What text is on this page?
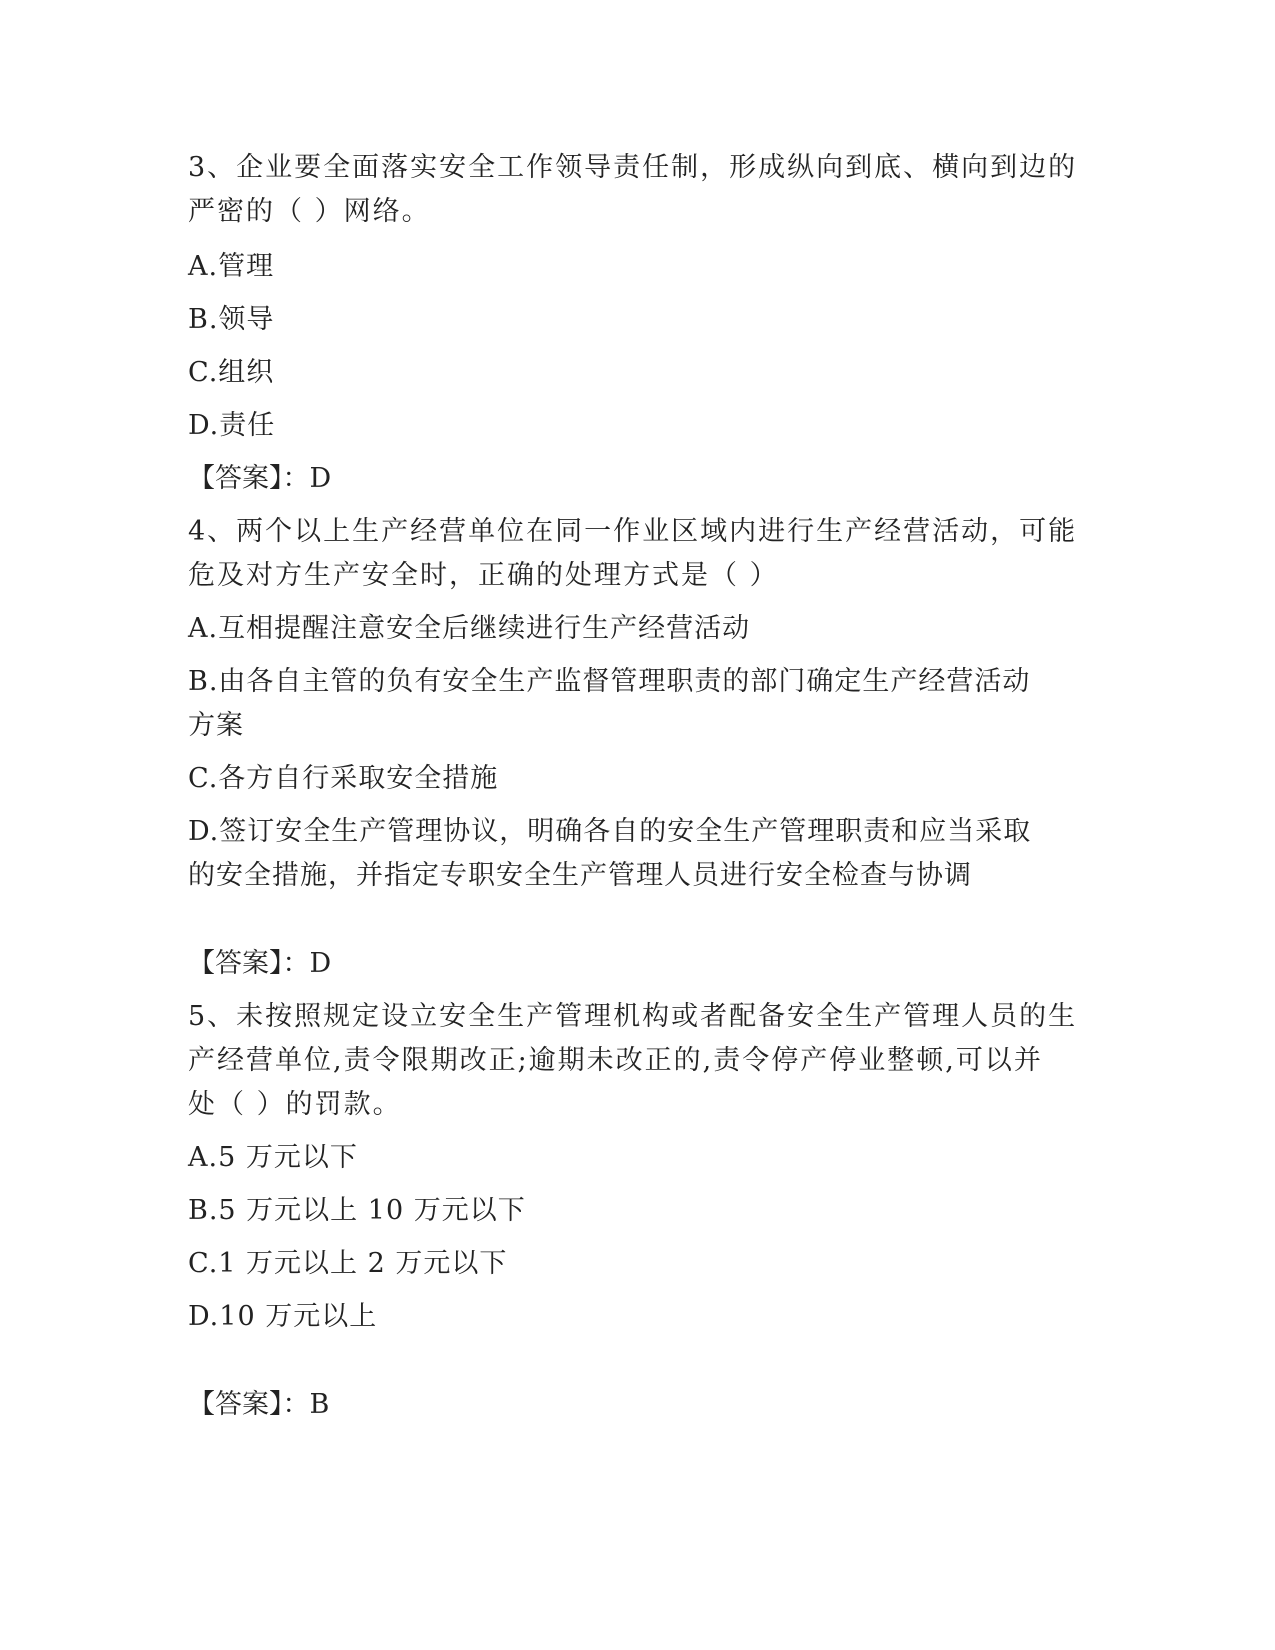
3、企业要全面落实安全工作领导责任制，形成纵向到底、横向到边的
严密的（ ）网络。
A.管理
B.领导
C.组织
D.责任
【答案】：D
4、两个以上生产经营单位在同一作业区域内进行生产经营活动，可能
危及对方生产安全时，正确的处理方式是（ ）
A.互相提醒注意安全后继续进行生产经营活动
B.由各自主管的负有安全生产监督管理职责的部门确定生产经营活动
方案
C.各方自行采取安全措施
D.签订安全生产管理协议，明确各自的安全生产管理职责和应当采取
的安全措施，并指定专职安全生产管理人员进行安全检查与协调
【答案】：D
5、未按照规定设立安全生产管理机构或者配备安全生产管理人员的生
产经营单位,责令限期改正;逾期未改正的,责令停产停业整顿,可以并
处（ ）的罚款。
A.5 万元以下
B.5 万元以上 10 万元以下
C.1 万元以上 2 万元以下
D.10 万元以上
【答案】：B
